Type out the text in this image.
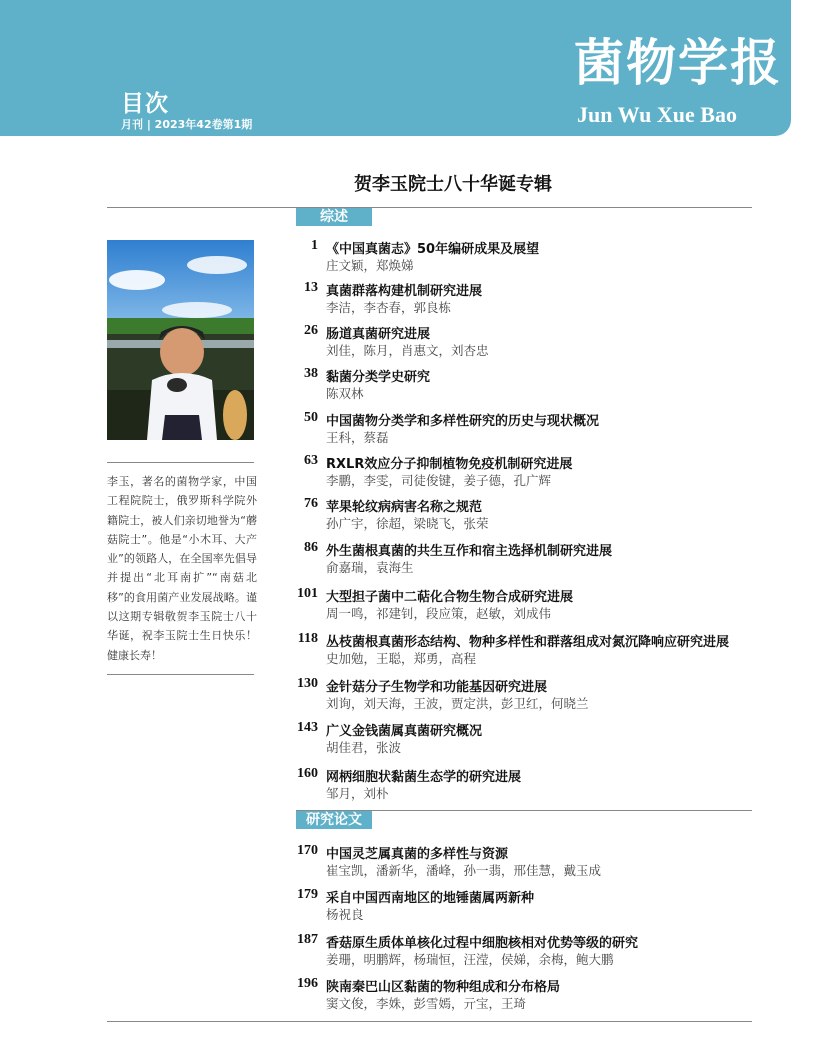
目次
月刊 | 2023年42卷第1期
菌物学报
Jun Wu Xue Bao
贺李玉院士八十华诞专辑
李玉，著名的菌物学家，中国工程院院士，俄罗斯科学院外籍院士，被人们亲切地誉为“蘑菇院士”。他是“小木耳、大产业”的领路人，在全国率先倡导并提出“北耳南扩”“南菇北移”的食用菌产业发展战略。谨以这期专辑敬贺李玉院士八十华诞，祝李玉院士生日快乐！健康长寿！
综述
1 《中国真菌志》50年编研成果及展望
庄文颖，郑焕娣
13 真菌群落构建机制研究进展
李洁，李杏春，郭良栋
26 肠道真菌研究进展
刘佳，陈月，肖惠文，刘杏忠
38 黏菌分类学史研究
陈双林
50 中国菌物分类学和多样性研究的历史与现状概况
王科，蔡磊
63 RXLR效应分子抑制植物免疫机制研究进展
李鹏，李雯，司徒俊键，姜子德，孔广辉
76 苹果轮纹病病害名称之规范
孙广宇，徐超，梁晓飞，张荣
86 外生菌根真菌的共生互作和宿主选择机制研究进展
俞嘉瑞，袁海生
101 大型担子菌中二萜化合物生物合成研究进展
周一鸣，祁建钊，段应策，赵敏，刘成伟
118 丛枝菌根真菌形态结构、物种多样性和群落组成对氮沉降响应研究进展
史加勉，王聪，郑勇，高程
130 金针菇分子生物学和功能基因研究进展
刘询，刘天海，王波，贾定洪，彭卫红，何晓兰
143 广义金钱菌属真菌研究概况
胡佳君，张波
160 网柄细胞状黏菌生态学的研究进展
邹月，刘朴
研究论文
170 中国灵芝属真菌的多样性与资源
崔宝凯，潘新华，潘峰，孙一翡，邢佳慧，戴玉成
179 采自中国西南地区的地锤菌属两新种
杨祝良
187 香菇原生质体单核化过程中细胞核相对优势等级的研究
姜珊，明鹏辉，杨瑞恒，汪滢，侯娣，余梅，鲍大鹏
196 陕南秦巴山区黏菌的物种组成和分布格局
窦文俊，李姝，彭雪嫣，亓宝，王琦
